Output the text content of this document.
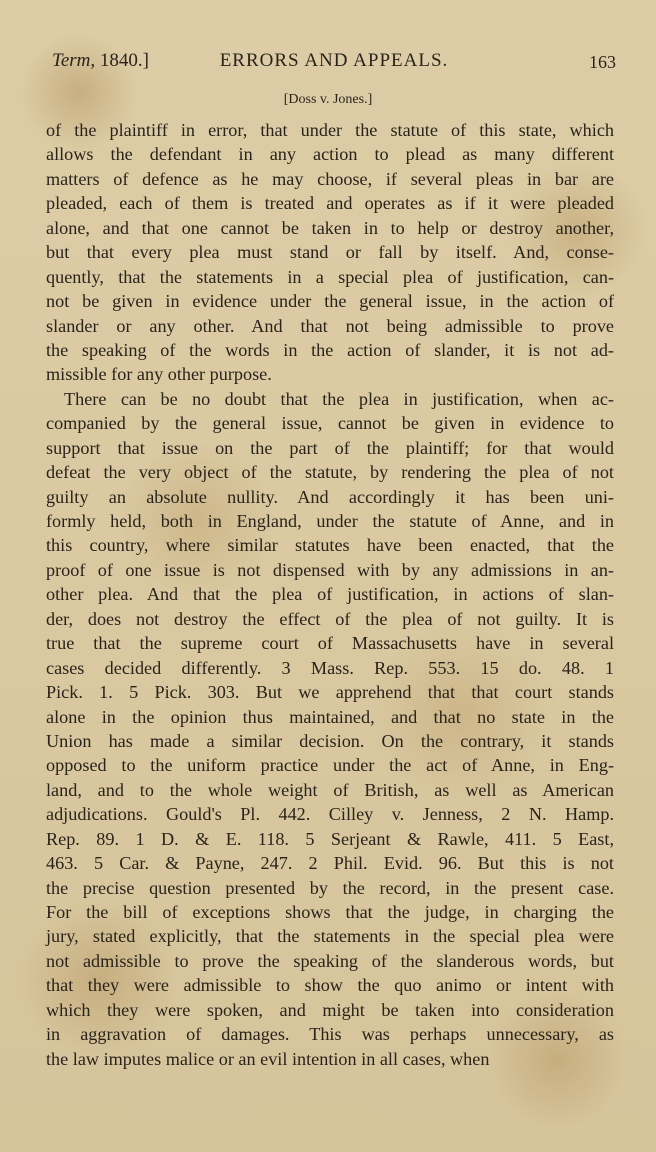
Term, 1840.]	ERRORS AND APPEALS.	163
[Doss v. Jones.]
of the plaintiff in error, that under the statute of this state, which
allows the defendant in any action to plead as many different
matters of defence as he may choose, if several pleas in bar are
pleaded, each of them is treated and operates as if it were pleaded
alone, and that one cannot be taken in to help or destroy another,
but that every plea must stand or fall by itself. And, conse-
quently, that the statements in a special plea of justification, can-
not be given in evidence under the general issue, in the action of
slander or any other. And that not being admissible to prove
the speaking of the words in the action of slander, it is not ad-
missible for any other purpose.
There can be no doubt that the plea in justification, when ac-
companied by the general issue, cannot be given in evidence to
support that issue on the part of the plaintiff; for that would
defeat the very object of the statute, by rendering the plea of not
guilty an absolute nullity. And accordingly it has been uni-
formly held, both in England, under the statute of Anne, and in
this country, where similar statutes have been enacted, that the
proof of one issue is not dispensed with by any admissions in an-
other plea. And that the plea of justification, in actions of slan-
der, does not destroy the effect of the plea of not guilty. It is
true that the supreme court of Massachusetts have in several
cases decided differently. 3 Mass. Rep. 553. 15 do. 48. 1
Pick. 1. 5 Pick. 303. But we apprehend that that court stands
alone in the opinion thus maintained, and that no state in the
Union has made a similar decision. On the contrary, it stands
opposed to the uniform practice under the act of Anne, in Eng-
land, and to the whole weight of British, as well as American
adjudications. Gould's Pl. 442. Cilley v. Jenness, 2 N. Hamp.
Rep. 89. 1 D. & E. 118. 5 Serjeant & Rawle, 411. 5 East,
463. 5 Car. & Payne, 247. 2 Phil. Evid. 96. But this is not
the precise question presented by the record, in the present case.
For the bill of exceptions shows that the judge, in charging the
jury, stated explicitly, that the statements in the special plea were
not admissible to prove the speaking of the slanderous words, but
that they were admissible to show the quo animo or intent with
which they were spoken, and might be taken into consideration
in aggravation of damages. This was perhaps unnecessary, as
the law imputes malice or an evil intention in all cases, when
